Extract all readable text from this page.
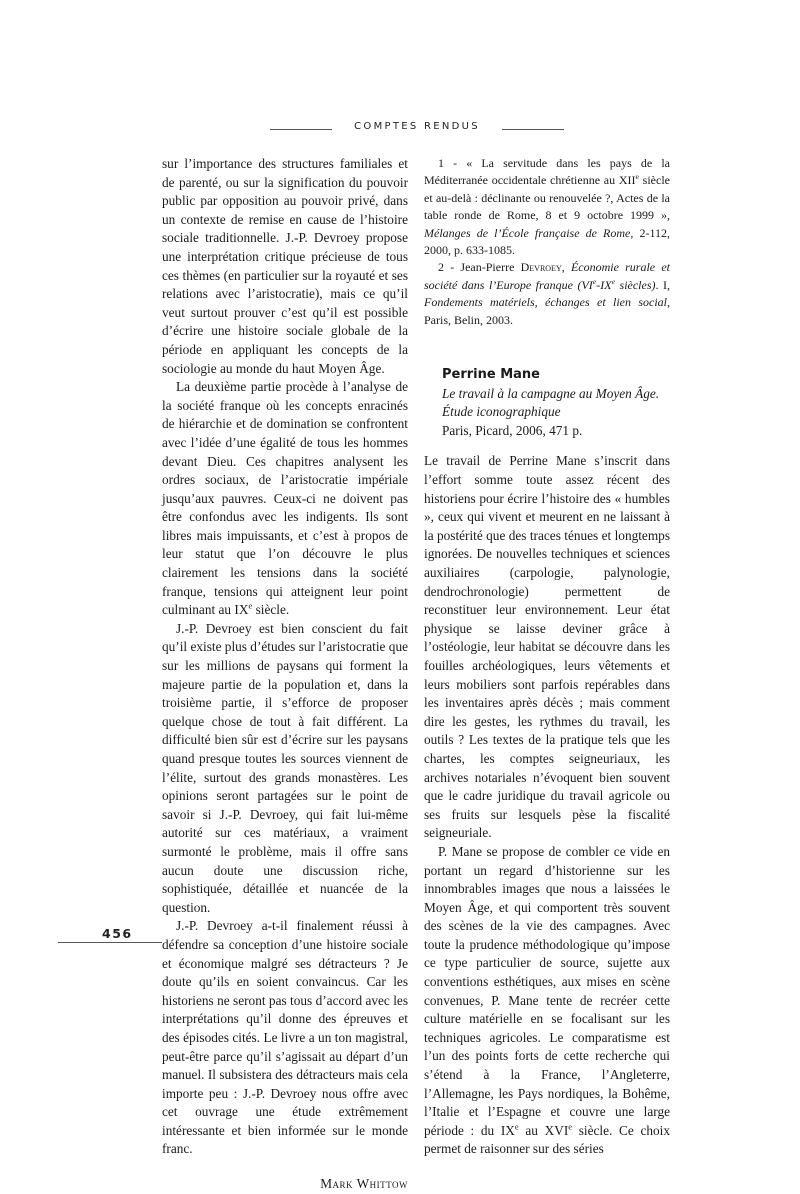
COMPTES RENDUS

sur l’importance des structures familiales et de parenté, ou sur la signification du pouvoir public par opposition au pouvoir privé, dans un contexte de remise en cause de l’histoire sociale traditionnelle. J.-P. Devroey propose une interprétation critique précieuse de tous ces thèmes (en particulier sur la royauté et ses relations avec l’aristocratie), mais ce qu’il veut surtout prouver c’est qu’il est possible d’écrire une histoire sociale globale de la période en appliquant les concepts de la sociologie au monde du haut Moyen Âge.

La deuxième partie procède à l’analyse de la société franque où les concepts enracinés de hiérarchie et de domination se confrontent avec l’idée d’une égalité de tous les hommes devant Dieu. Ces chapitres analysent les ordres sociaux, de l’aristocratie impériale jusqu’aux pauvres. Ceux-ci ne doivent pas être confondus avec les indigents. Ils sont libres mais impuissants, et c’est à propos de leur statut que l’on découvre le plus clairement les tensions dans la société franque, tensions qui atteignent leur point culminant au IXe siècle.

J.-P. Devroey est bien conscient du fait qu’il existe plus d’études sur l’aristocratie que sur les millions de paysans qui forment la majeure partie de la population et, dans la troisième partie, il s’efforce de proposer quelque chose de tout à fait différent. La difficulté bien sûr est d’écrire sur les paysans quand presque toutes les sources viennent de l’élite, surtout des grands monastères. Les opinions seront partagées sur le point de savoir si J.-P. Devroey, qui fait lui-même autorité sur ces matériaux, a vraiment surmonté le problème, mais il offre sans aucun doute une discussion riche, sophistiquée, détaillée et nuancée de la question.

J.-P. Devroey a-t-il finalement réussi à défendre sa conception d’une histoire sociale et économique malgré ses détracteurs ? Je doute qu’ils en soient convaincus. Car les historiens ne seront pas tous d’accord avec les interprétations qu’il donne des épreuves et des épisodes cités. Le livre a un ton magistral, peut-être parce qu’il s’agissait au départ d’un manuel. Il subsistera des détracteurs mais cela importe peu : J.-P. Devroey nous offre avec cet ouvrage une étude extrêmement intéressante et bien informée sur le monde franc.

Mark Whittow

1 - « La servitude dans les pays de la Méditerranée occidentale chrétienne au XIIe siècle et au-delà : déclinante ou renouvelée ?, Actes de la table ronde de Rome, 8 et 9 octobre 1999 », Mélanges de l’École française de Rome, 2-112, 2000, p. 633-1085.

2 - Jean-Pierre Devroey, Économie rurale et société dans l’Europe franque (VIe-IXe siècles). I, Fondements matériels, échanges et lien social, Paris, Belin, 2003.

Perrine Mane
Le travail à la campagne au Moyen Âge.
Étude iconographique
Paris, Picard, 2006, 471 p.

Le travail de Perrine Mane s’inscrit dans l’effort somme toute assez récent des historiens pour écrire l’histoire des « humbles », ceux qui vivent et meurent en ne laissant à la postérité que des traces ténues et longtemps ignorées. De nouvelles techniques et sciences auxiliaires (carpologie, palynologie, dendrochronologie) permettent de reconstituer leur environnement. Leur état physique se laisse deviner grâce à l’ostéologie, leur habitat se découvre dans les fouilles archéologiques, leurs vêtements et leurs mobiliers sont parfois repérables dans les inventaires après décès ; mais comment dire les gestes, les rythmes du travail, les outils ? Les textes de la pratique tels que les chartes, les comptes seigneuriaux, les archives notariales n’évoquent bien souvent que le cadre juridique du travail agricole ou ses fruits sur lesquels pèse la fiscalité seigneuriale.

P. Mane se propose de combler ce vide en portant un regard d’historienne sur les innombrables images que nous a laissées le Moyen Âge, et qui comportent très souvent des scènes de la vie des campagnes. Avec toute la prudence méthodologique qu’impose ce type particulier de source, sujette aux conventions esthétiques, aux mises en scène convenues, P. Mane tente de recréer cette culture matérielle en se focalisant sur les techniques agricoles. Le comparatisme est l’un des points forts de cette recherche qui s’étend à la France, l’Angleterre, l’Allemagne, les Pays nordiques, la Bohême, l’Italie et l’Espagne et couvre une large période : du IXe au XVIe siècle. Ce choix permet de raisonner sur des séries

456
